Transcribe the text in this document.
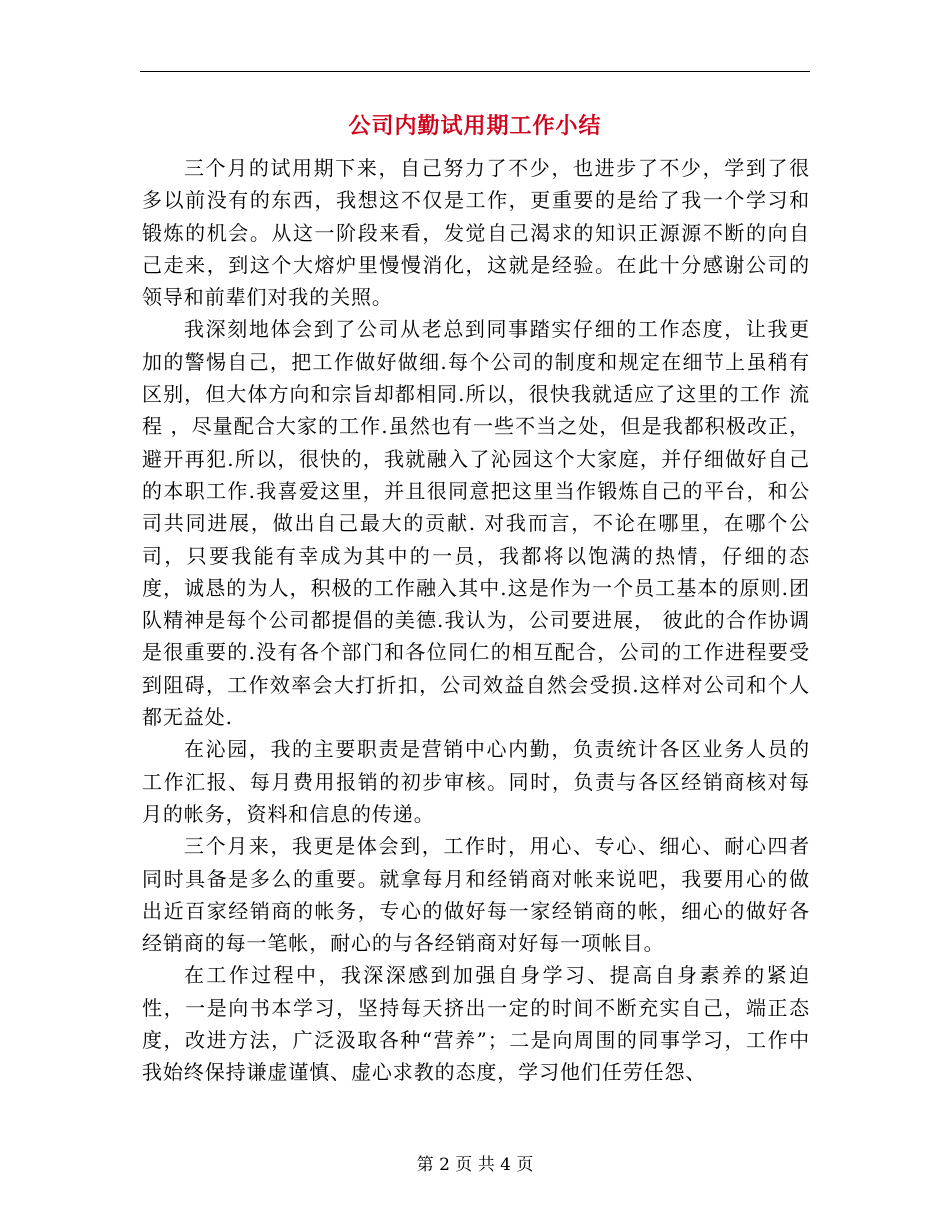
公司内勤试用期工作小结

三个月的试用期下来，自己努力了不少，也进步了不少，学到了很多以前没有的东西，我想这不仅是工作，更重要的是给了我一个学习和锻炼的机会。从这一阶段来看，发觉自己渴求的知识正源源不断的向自己走来，到这个大熔炉里慢慢消化，这就是经验。在此十分感谢公司的领导和前辈们对我的关照。

我深刻地体会到了公司从老总到同事踏实仔细的工作态度，让我更加的警惕自己，把工作做好做细.每个公司的制度和规定在细节上虽稍有区别，但大体方向和宗旨却都相同.所以，很快我就适应了这里的工作 流程 ，尽量配合大家的工作.虽然也有一些不当之处，但是我都积极改正，避开再犯.所以，很快的，我就融入了沁园这个大家庭，并仔细做好自己的本职工作.我喜爱这里，并且很同意把这里当作锻炼自己的平台，和公司共同进展，做出自己最大的贡献. 对我而言，不论在哪里，在哪个公司，只要我能有幸成为其中的一员，我都将以饱满的热情，仔细的态度，诚恳的为人，积极的工作融入其中.这是作为一个员工基本的原则.团队精神是每个公司都提倡的美德.我认为，公司要进展， 彼此的合作协调是很重要的.没有各个部门和各位同仁的相互配合，公司的工作进程要受到阻碍，工作效率会大打折扣，公司效益自然会受损.这样对公司和个人都无益处.

在沁园，我的主要职责是营销中心内勤，负责统计各区业务人员的工作汇报、每月费用报销的初步审核。同时，负责与各区经销商核对每月的帐务，资料和信息的传递。

三个月来，我更是体会到，工作时，用心、专心、细心、耐心四者同时具备是多么的重要。就拿每月和经销商对帐来说吧，我要用心的做出近百家经销商的帐务，专心的做好每一家经销商的帐，细心的做好各经销商的每一笔帐，耐心的与各经销商对好每一项帐目。

在工作过程中，我深深感到加强自身学习、提高自身素养的紧迫性，一是向书本学习，坚持每天挤出一定的时间不断充实自己，端正态度，改进方法，广泛汲取各种“营养”；二是向周围的同事学习，工作中我始终保持谦虚谨慎、虚心求教的态度，学习他们任劳任怨、

第 2 页 共 4 页
